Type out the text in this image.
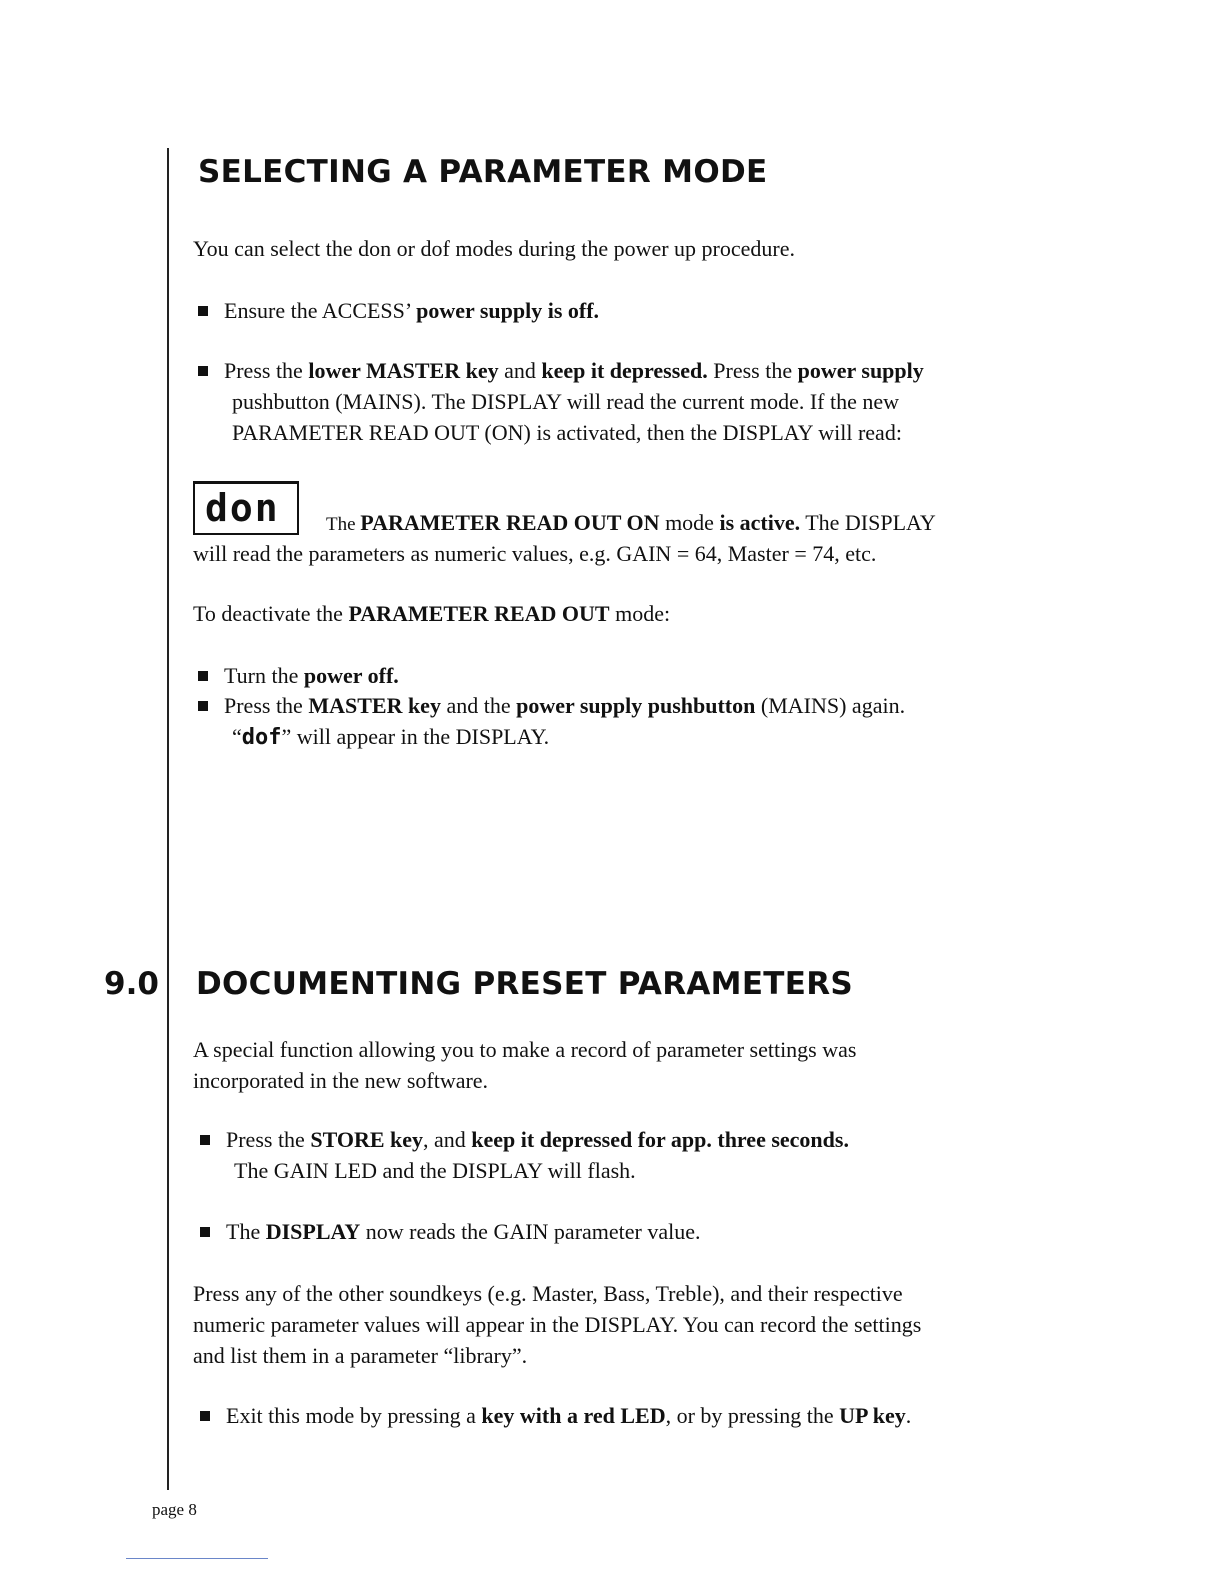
SELECTING A PARAMETER MODE

You can select the don or dof modes during the power up procedure.

Ensure the ACCESS’ power supply is off.

Press the lower MASTER key and keep it depressed. Press the power supply
pushbutton (MAINS). The DISPLAY will read the current mode. If the new
PARAMETER READ OUT (ON) is activated, then the DISPLAY will read:

don The PARAMETER READ OUT ON mode is active. The DISPLAY

will read the parameters as numeric values, e.g. GAIN = 64, Master = 74, etc.

To deactivate the PARAMETER READ OUT mode:

Turn the power off.

Press the MASTER key and the power supply pushbutton (MAINS) again.
“dof” will appear in the DISPLAY.

9.0 DOCUMENTING PRESET PARAMETERS

A special function allowing you to make a record of parameter settings was
incorporated in the new software.

Press the STORE key, and keep it depressed for app. three seconds.
The GAIN LED and the DISPLAY will flash.

The DISPLAY now reads the GAIN parameter value.

Press any of the other soundkeys (e.g. Master, Bass, Treble), and their respective
numeric parameter values will appear in the DISPLAY. You can record the settings
and list them in a parameter “library”.

Exit this mode by pressing a key with a red LED, or by pressing the UP key.

page 8
